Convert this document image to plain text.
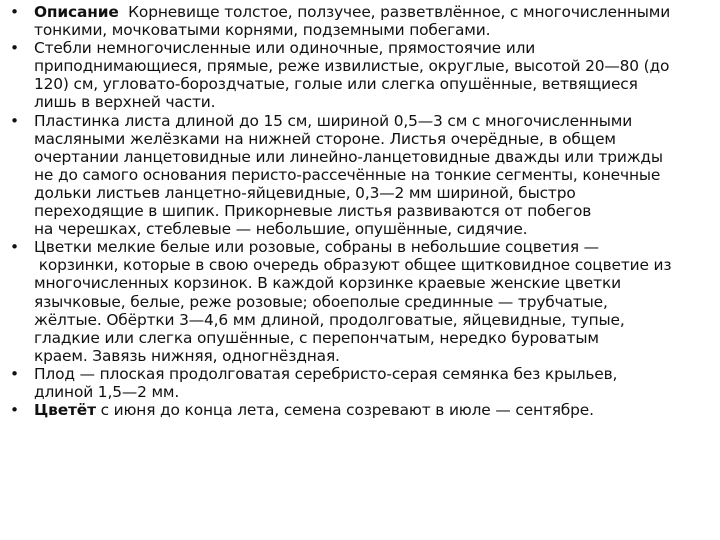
• Описание  Корневище толстое, ползучее, разветвлённое, с многочисленными
тонкими, мочковатыми корнями, подземными побегами.
• Стебли немногочисленные или одиночные, прямостоячие или
приподнимающиеся, прямые, реже извилистые, округлые, высотой 20—80 (до
120) см, угловато-бороздчатые, голые или слегка опушённые, ветвящиеся
лишь в верхней части.
• Пластинка листа длиной до 15 см, шириной 0,5—3 см с многочисленными
масляными желёзками на нижней стороне. Листья очерёдные, в общем
очертании ланцетовидные или линейно-ланцетовидные дважды или трижды
не до самого основания перисто-рассечённые на тонкие сегменты, конечные
дольки листьев ланцетно-яйцевидные, 0,3—2 мм шириной, быстро
переходящие в шипик. Прикорневые листья развиваются от побегов
на черешках, стеблевые — небольшие, опушённые, сидячие.
• Цветки мелкие белые или розовые, собраны в небольшие соцветия —
корзинки, которые в свою очередь образуют общее щитковидное соцветие из
многочисленных корзинок. В каждой корзинке краевые женские цветки
язычковые, белые, реже розовые; обоеполые срединные — трубчатые,
жёлтые. Обёртки 3—4,6 мм длиной, продолговатые, яйцевидные, тупые,
гладкие или слегка опушённые, с перепончатым, нередко буроватым
краем. Завязь нижняя, одногнёздная.
• Плод — плоская продолговатая серебристо-серая семянка без крыльев,
длиной 1,5—2 мм.
• Цветёт с июня до конца лета, семена созревают в июле — сентябре.
